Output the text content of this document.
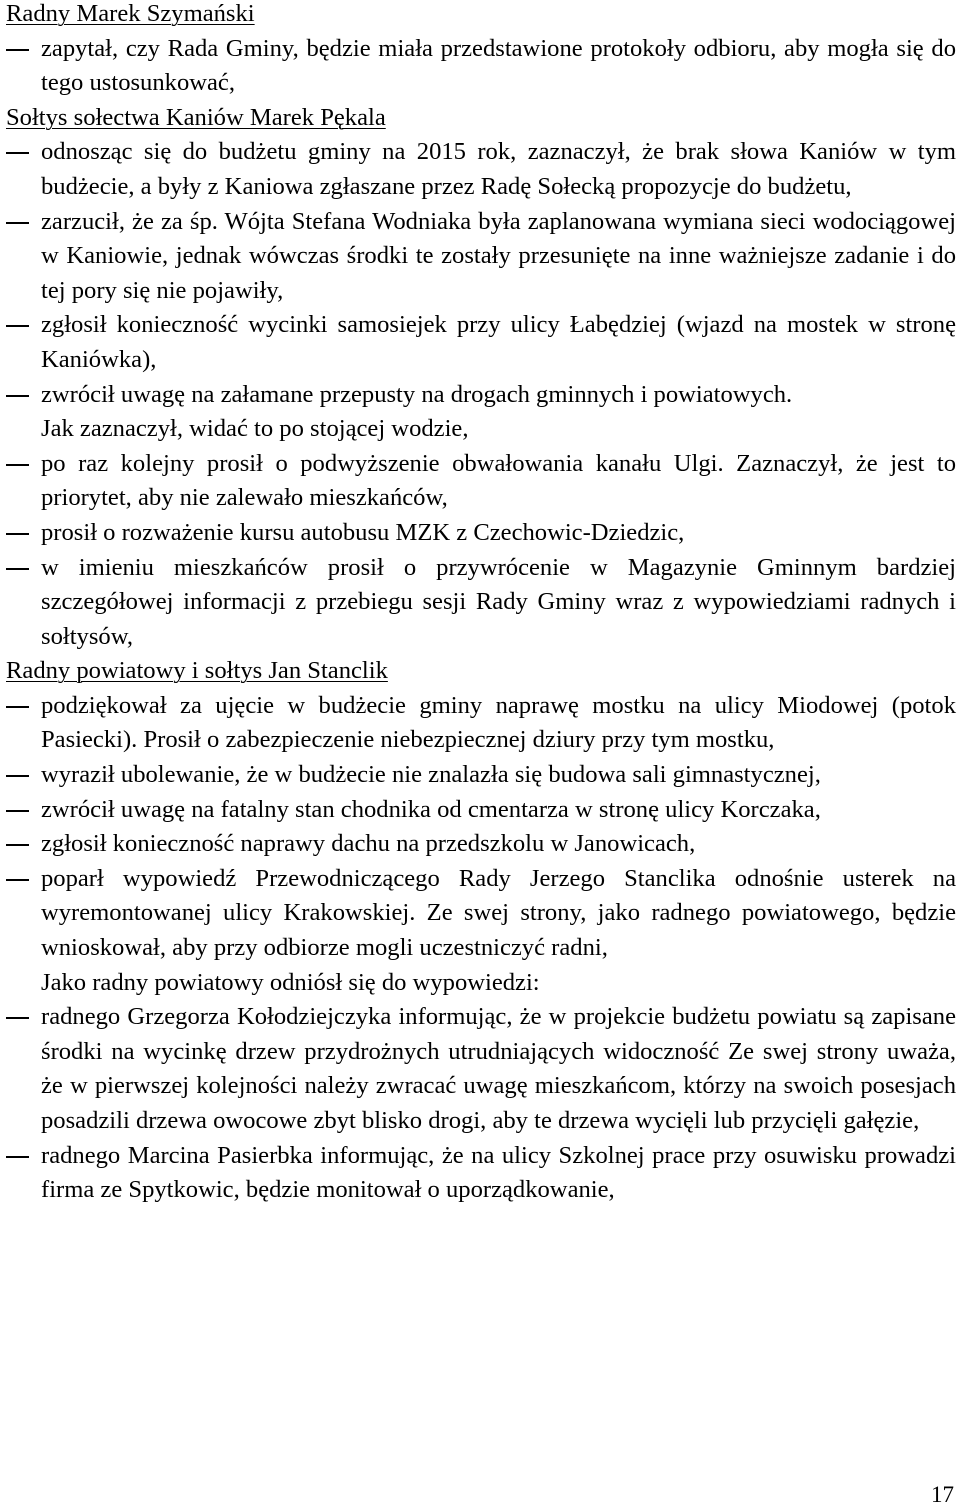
Radny Marek Szymański

zapytał, czy Rada Gminy, będzie miała przedstawione protokoły odbioru, aby mogła się do tego ustosunkować,

Sołtys sołectwa Kaniów Marek Pękala

odnosząc się do budżetu gminy na 2015 rok, zaznaczył, że brak słowa Kaniów w tym budżecie, a były z Kaniowa zgłaszane przez Radę Sołecką propozycje do budżetu,

zarzucił, że za śp. Wójta Stefana Wodniaka była zaplanowana wymiana sieci wodociągowej w Kaniowie, jednak wówczas środki te zostały przesunięte na inne ważniejsze zadanie i do tej pory się nie pojawiły,

zgłosił konieczność wycinki samosiejek przy ulicy Łabędziej (wjazd na mostek w stronę Kaniówka),

zwrócił uwagę na załamane przepusty na drogach gminnych i powiatowych.

Jak zaznaczył, widać to po stojącej wodzie,

po raz kolejny prosił o podwyższenie obwałowania kanału Ulgi. Zaznaczył, że jest to priorytet, aby nie zalewało mieszkańców,

prosił o rozważenie kursu autobusu MZK z Czechowic-Dziedzic,

w imieniu mieszkańców prosił o przywrócenie w Magazynie Gminnym bardziej szczegółowej informacji z przebiegu sesji Rady Gminy wraz z wypowiedziami radnych i sołtysów,

Radny powiatowy i sołtys Jan Stanclik

podziękował za ujęcie w budżecie gminy naprawę mostku na ulicy Miodowej (potok Pasiecki). Prosił o zabezpieczenie niebezpiecznej dziury przy tym mostku,

wyraził ubolewanie, że w budżecie nie znalazła się budowa sali gimnastycznej,

zwrócił uwagę na fatalny stan chodnika od cmentarza w stronę ulicy Korczaka,

zgłosił konieczność naprawy dachu na przedszkolu w Janowicach,

poparł wypowiedź Przewodniczącego Rady Jerzego Stanclika odnośnie usterek na wyremontowanej ulicy Krakowskiej. Ze swej strony, jako radnego powiatowego, będzie wnioskował, aby przy odbiorze mogli uczestniczyć radni,

Jako radny powiatowy odniósł się do wypowiedzi:

radnego Grzegorza Kołodziejczyka informując, że w projekcie budżetu powiatu są zapisane środki na wycinkę drzew przydrożnych utrudniających widoczność Ze swej strony uważa, że w pierwszej kolejności należy zwracać uwagę mieszkańcom, którzy na swoich posesjach posadzili drzewa owocowe zbyt blisko drogi, aby te drzewa wycięli lub przycięli gałęzie,

radnego Marcina Pasierbka informując, że na ulicy Szkolnej prace przy osuwisku prowadzi firma ze Spytkowic, będzie monitował o uporządkowanie,

17
